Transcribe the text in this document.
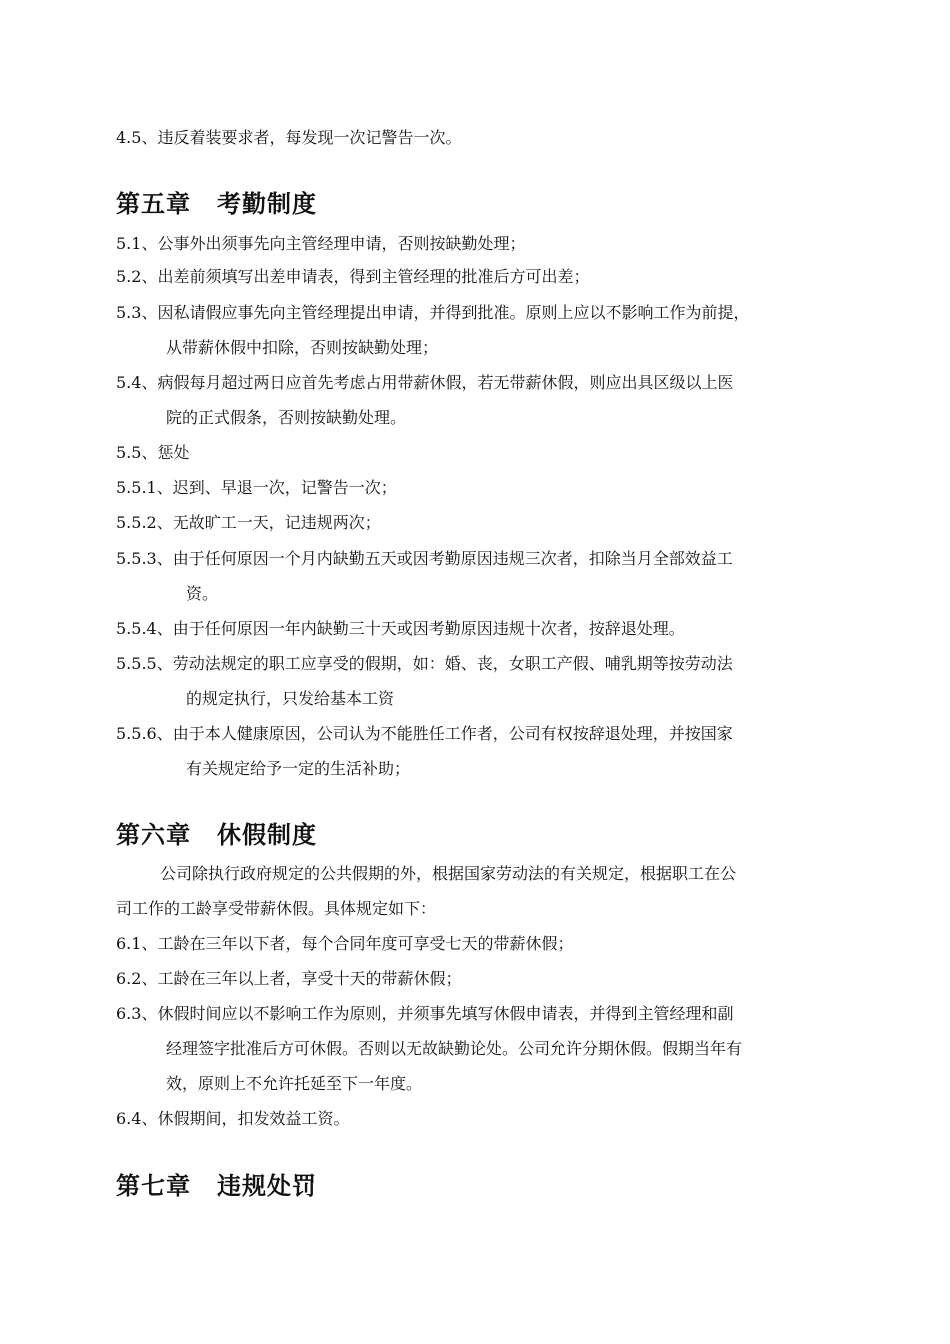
4.5、违反着装要求者，每发现一次记警告一次。
第五章 考勤制度
5.1、公事外出须事先向主管经理申请，否则按缺勤处理；
5.2、出差前须填写出差申请表，得到主管经理的批准后方可出差；
5.3、因私请假应事先向主管经理提出申请，并得到批准。原则上应以不影响工作为前提，
从带薪休假中扣除，否则按缺勤处理；
5.4、病假每月超过两日应首先考虑占用带薪休假，若无带薪休假，则应出具区级以上医
院的正式假条，否则按缺勤处理。
5.5、惩处
5.5.1、迟到、早退一次，记警告一次；
5.5.2、无故旷工一天，记违规两次；
5.5.3、由于任何原因一个月内缺勤五天或因考勤原因违规三次者，扣除当月全部效益工
资。
5.5.4、由于任何原因一年内缺勤三十天或因考勤原因违规十次者，按辞退处理。
5.5.5、劳动法规定的职工应享受的假期，如：婚、丧，女职工产假、哺乳期等按劳动法
的规定执行，只发给基本工资
5.5.6、由于本人健康原因，公司认为不能胜任工作者，公司有权按辞退处理，并按国家
有关规定给予一定的生活补助；
第六章 休假制度
公司除执行政府规定的公共假期的外，根据国家劳动法的有关规定，根据职工在公
司工作的工龄享受带薪休假。具体规定如下：
6.1、工龄在三年以下者，每个合同年度可享受七天的带薪休假；
6.2、工龄在三年以上者，享受十天的带薪休假；
6.3、休假时间应以不影响工作为原则，并须事先填写休假申请表，并得到主管经理和副
经理签字批准后方可休假。否则以无故缺勤论处。公司允许分期休假。假期当年有
效，原则上不允许托延至下一年度。
6.4、休假期间，扣发效益工资。
第七章 违规处罚
